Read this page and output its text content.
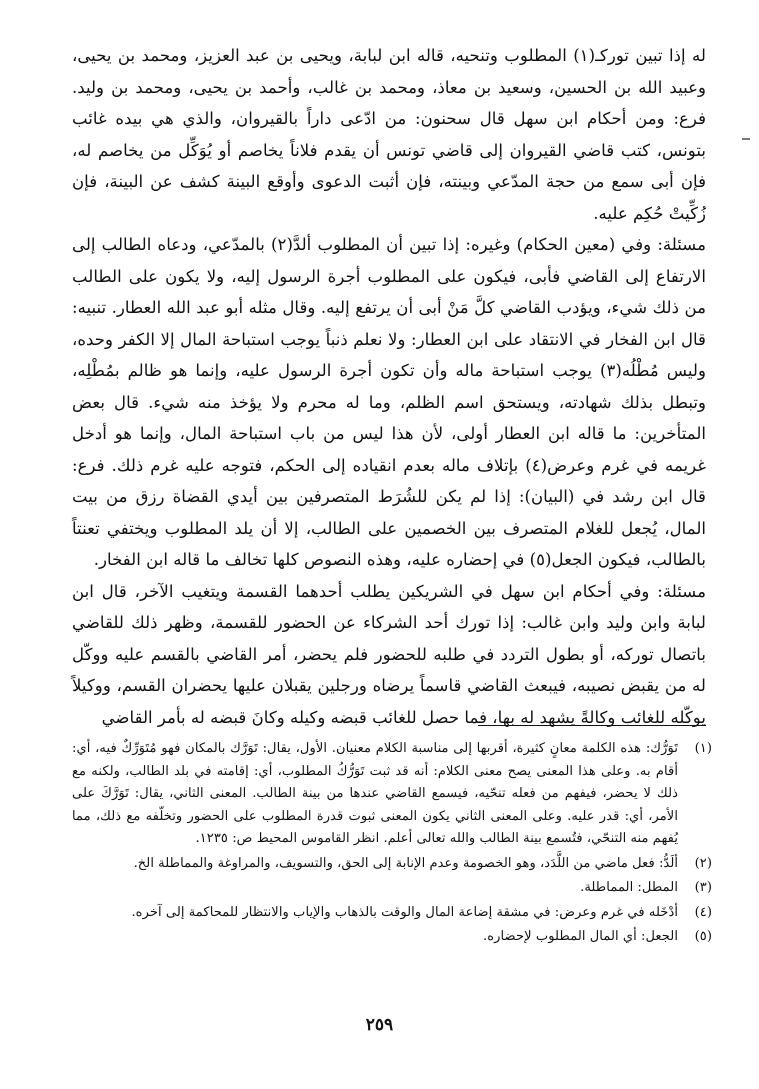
له إذا تبين توركـ(١) المطلوب وتنحيه، قاله ابن لبابة، ويحيى بن عبد العزيز، ومحمد بن يحيى، وعبيد الله بن الحسين، وسعيد بن معاذ، ومحمد بن غالب، وأحمد بن يحيى، ومحمد بن وليد. فرع: ومن أحكام ابن سهل قال سحنون: من ادّعى داراً بالقيروان، والذي هي بيده غائب بتونس، كتب قاضي القيروان إلى قاضي تونس أن يقدم فلاناً يخاصم أو يُوَكِّل من يخاصم له، فإن أبى سمع من حجة المدّعي وبينته، فإن أثبت الدعوى وأوقع البينة كشف عن البينة، فإن زُكِّيتْ حُكِم عليه.

مسئلة: وفي (معين الحكام) وغيره: إذا تبين أن المطلوب ألدَّ(٢) بالمدّعي، ودعاه الطالب إلى الارتفاع إلى القاضي فأبى، فيكون على المطلوب أجرة الرسول إليه، ولا يكون على الطالب من ذلك شيء، ويؤدب القاضي كلَّ مَنْ أبى أن يرتفع إليه. وقال مثله أبو عبد الله العطار. تنبيه: قال ابن الفخار في الانتقاد على ابن العطار: ولا نعلم ذنباً يوجب استباحة المال إلا الكفر وحده، وليس مُطْلُه(٣) يوجب استباحة ماله وأن تكون أجرة الرسول عليه، وإنما هو ظالم بمُطْلِه، وتبطل بذلك شهادته، ويستحق اسم الظلم، وما له محرم ولا يؤخذ منه شيء. قال بعض المتأخرين: ما قاله ابن العطار أولى، لأن هذا ليس من باب استباحة المال، وإنما هو أدخل غريمه في غرم وعرض(٤) بإتلاف ماله بعدم انقياده إلى الحكم، فتوجه عليه غرم ذلك. فرع: قال ابن رشد في (البيان): إذا لم يكن للشُرَط المتصرفين بين أيدي القضاة رزق من بيت المال، يُجعل للغلام المتصرف بين الخصمين على الطالب، إلا أن يلد المطلوب ويختفي تعنتاً بالطالب، فيكون الجعل(٥) في إحضاره عليه، وهذه النصوص كلها تخالف ما قاله ابن الفخار.

مسئلة: وفي أحكام ابن سهل في الشريكين يطلب أحدهما القسمة ويتغيب الآخر، قال ابن لبابة وابن وليد وابن غالب: إذا تورك أحد الشركاء عن الحضور للقسمة، وظهر ذلك للقاضي باتصال توركه، أو بطول التردد في طلبه للحضور فلم يحضر، أمر القاضي بالقسم عليه ووكّل له من يقبض نصيبه، فيبعث القاضي قاسماً يرضاه ورجلين يقبلان عليها يحضران القسم، ووكيلاً يوكّله للغائب وكالةً يشهد له بها، فما حصل للغائب قبضه وكيله وكانَ قبضه له بأمر القاضي

(١)
تَوَرُّك: هذه الكلمة معانٍ كثيرة، أقربها إلى مناسبة الكلام معنيان. الأول، يقال: تَوَرَّك بالمكان فهو مُتَوَرِّكٌ فيه، أي: أقام به. وعلى هذا المعنى يصح معنى الكلام: أنه قد ثبت تَوَرُّكُ المطلوب، أي: إقامته في بلد الطالب، ولكنه مع ذلك لا يحضر، فيفهم من فعله تنحّيه، فيسمع القاضي عندها من بينة الطالب. المعنى الثاني، يقال: تَوَرَّكَ على الأمر، أي: قدر عليه. وعلى المعنى الثاني يكون المعنى ثبوت قدرة المطلوب على الحضور وتخلّفه مع ذلك، مما يُفهم منه التنحّي، فتُسمع بينة الطالب والله تعالى أعلم. انظر القاموس المحيط ص: ١٢٣٥.
(٢)
ألَدُّ: فعل ماضي من اللَّدَد، وهو الخصومة وعدم الإنابة إلى الحق، والتسويف، والمراوغة والمماطلة الخ.
(٣)
المطل: المماطلة.
(٤)
أدْخَله في غرم وعرض: في مشقة إضاعة المال والوقت بالذهاب والإياب والانتظار للمحاكمة إلى آخره.
(٥)
الجعل: أي المال المطلوب لإحضاره.
٢٥٩
